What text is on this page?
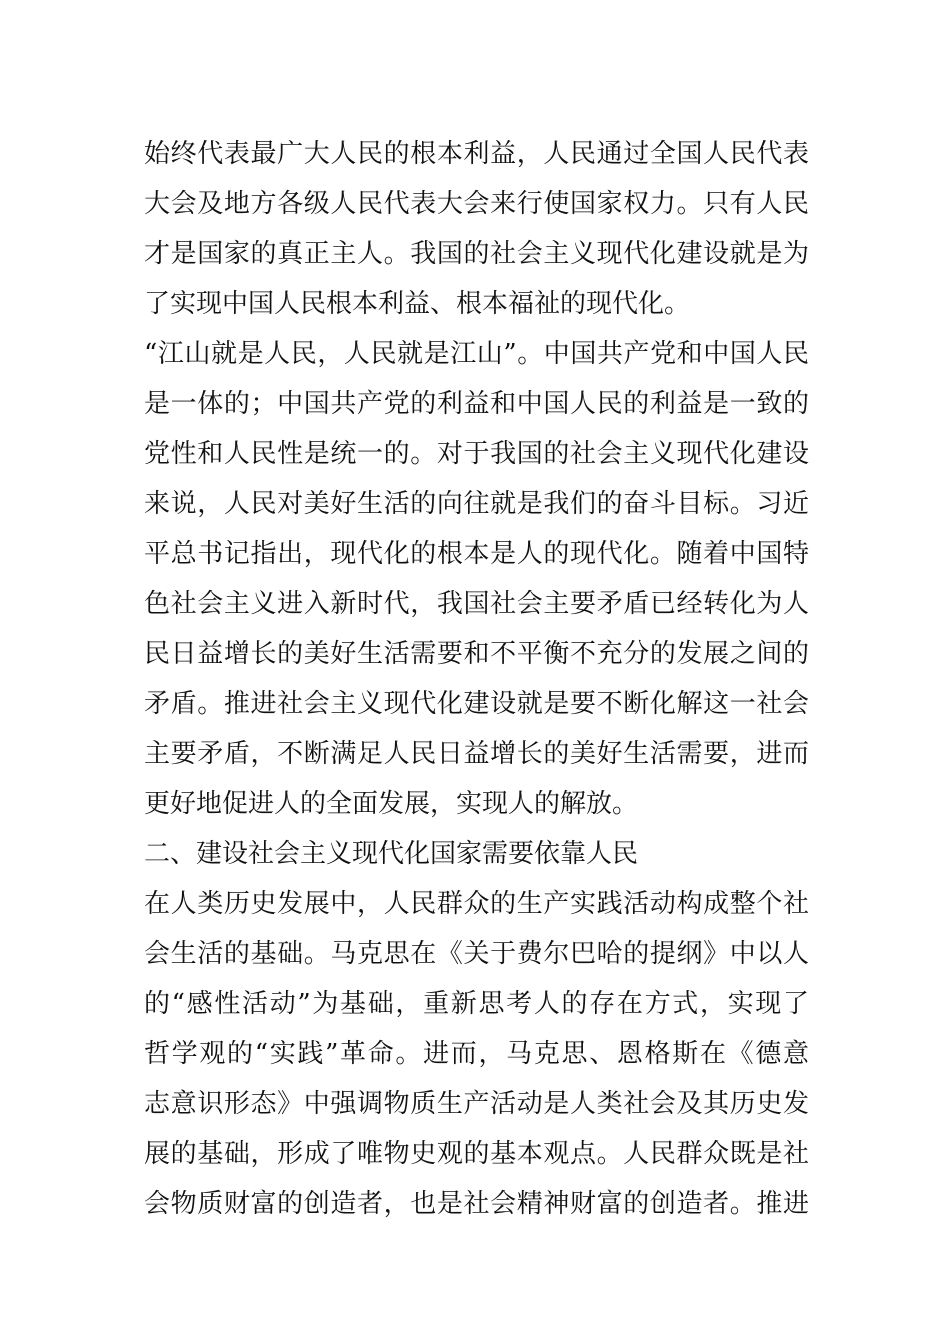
始终代表最广大人民的根本利益，人民通过全国人民代表
大会及地方各级人民代表大会来行使国家权力。只有人民
才是国家的真正主人。我国的社会主义现代化建设就是为
了实现中国人民根本利益、根本福祉的现代化。
“江山就是人民，人民就是江山”。中国共产党和中国人民
是一体的；中国共产党的利益和中国人民的利益是一致的
党性和人民性是统一的。对于我国的社会主义现代化建设
来说，人民对美好生活的向往就是我们的奋斗目标。习近
平总书记指出，现代化的根本是人的现代化。随着中国特
色社会主义进入新时代，我国社会主要矛盾已经转化为人
民日益增长的美好生活需要和不平衡不充分的发展之间的
矛盾。推进社会主义现代化建设就是要不断化解这一社会
主要矛盾，不断满足人民日益增长的美好生活需要，进而
更好地促进人的全面发展，实现人的解放。
二、建设社会主义现代化国家需要依靠人民
在人类历史发展中，人民群众的生产实践活动构成整个社
会生活的基础。马克思在《关于费尔巴哈的提纲》中以人
的“感性活动”为基础，重新思考人的存在方式，实现了
哲学观的“实践”革命。进而，马克思、恩格斯在《德意
志意识形态》中强调物质生产活动是人类社会及其历史发
展的基础，形成了唯物史观的基本观点。人民群众既是社
会物质财富的创造者，也是社会精神财富的创造者。推进
